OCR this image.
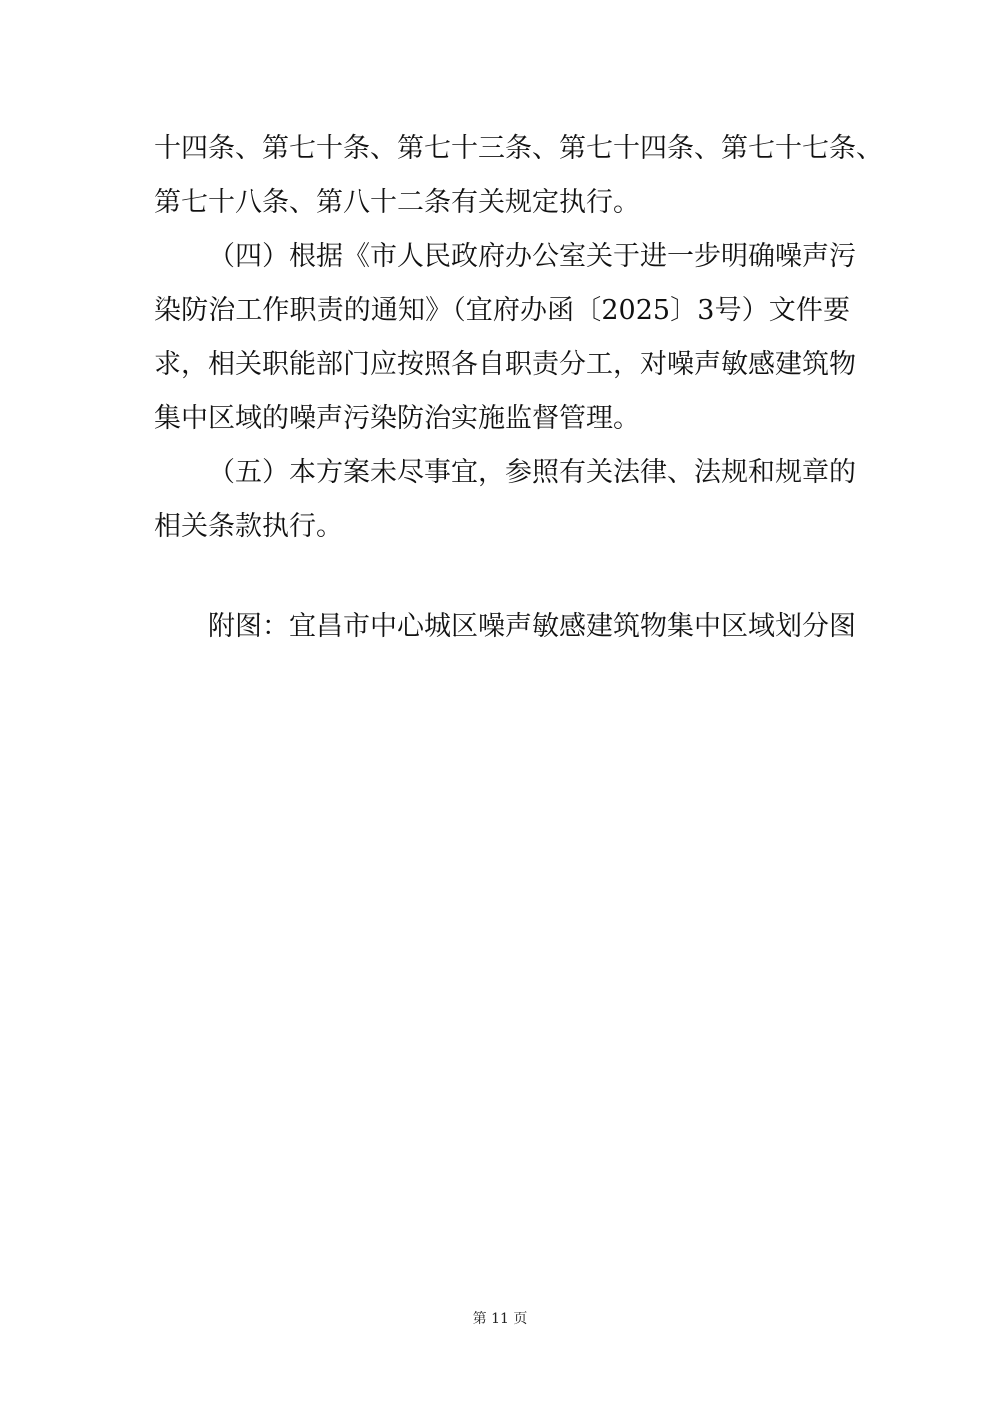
十四条、第七十条、第七十三条、第七十四条、第七十七条、
第七十八条、第八十二条有关规定执行。
（四）根据《市人民政府办公室关于进一步明确噪声污
染防治工作职责的通知》（宜府办函〔2025〕3号）文件要
求，相关职能部门应按照各自职责分工，对噪声敏感建筑物
集中区域的噪声污染防治实施监督管理。
（五）本方案未尽事宜，参照有关法律、法规和规章的
相关条款执行。
附图：宜昌市中心城区噪声敏感建筑物集中区域划分图
第 11 页
